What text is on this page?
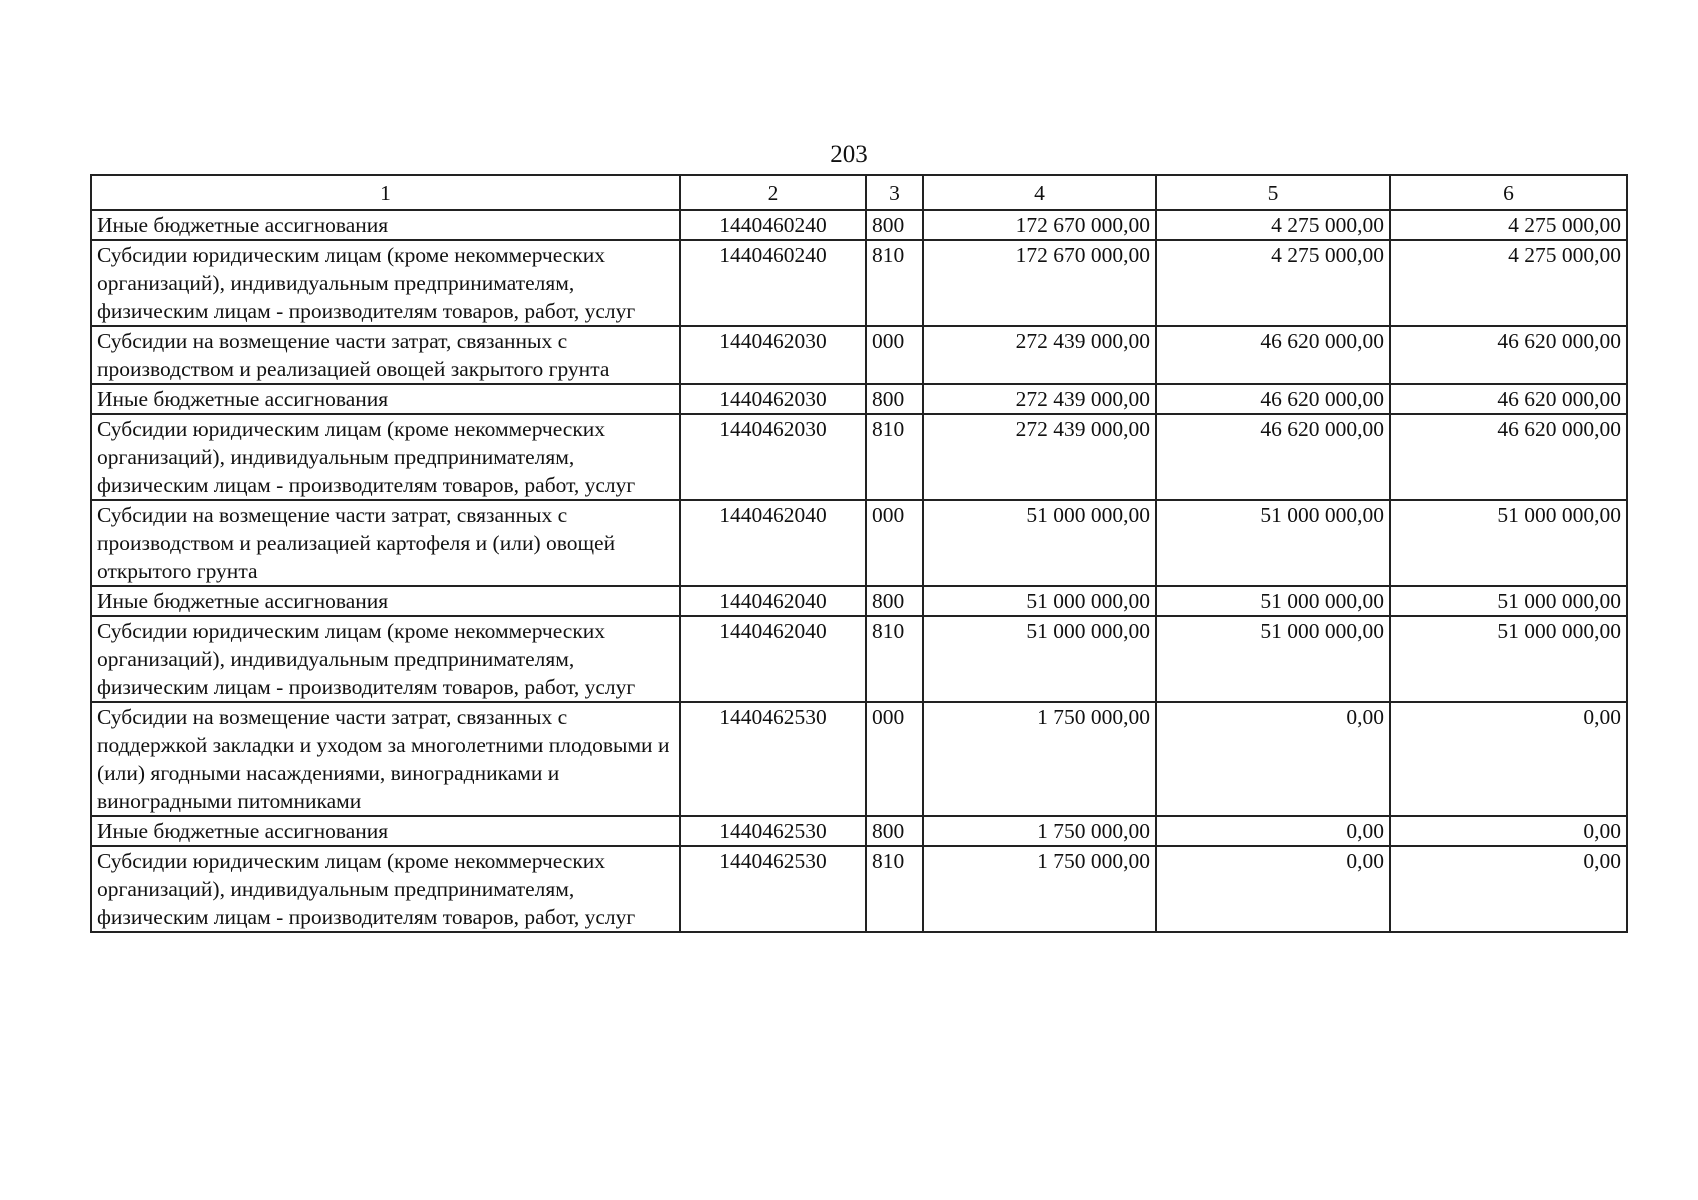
203
1	2	3	4	5	6
Иные бюджетные ассигнования	1440460240	800	172 670 000,00	4 275 000,00	4 275 000,00
Субсидии юридическим лицам (кроме некоммерческих организаций), индивидуальным предпринимателям, физическим лицам - производителям товаров, работ, услуг	1440460240	810	172 670 000,00	4 275 000,00	4 275 000,00
Субсидии на возмещение части затрат, связанных с производством и реализацией овощей закрытого грунта	1440462030	000	272 439 000,00	46 620 000,00	46 620 000,00
Иные бюджетные ассигнования	1440462030	800	272 439 000,00	46 620 000,00	46 620 000,00
Субсидии юридическим лицам (кроме некоммерческих организаций), индивидуальным предпринимателям, физическим лицам - производителям товаров, работ, услуг	1440462030	810	272 439 000,00	46 620 000,00	46 620 000,00
Субсидии на возмещение части затрат, связанных с производством и реализацией картофеля и (или) овощей открытого грунта	1440462040	000	51 000 000,00	51 000 000,00	51 000 000,00
Иные бюджетные ассигнования	1440462040	800	51 000 000,00	51 000 000,00	51 000 000,00
Субсидии юридическим лицам (кроме некоммерческих организаций), индивидуальным предпринимателям, физическим лицам - производителям товаров, работ, услуг	1440462040	810	51 000 000,00	51 000 000,00	51 000 000,00
Субсидии на возмещение части затрат, связанных с поддержкой закладки и уходом за многолетними плодовыми и (или) ягодными насаждениями, виноградниками и виноградными питомниками	1440462530	000	1 750 000,00	0,00	0,00
Иные бюджетные ассигнования	1440462530	800	1 750 000,00	0,00	0,00
Субсидии юридическим лицам (кроме некоммерческих организаций), индивидуальным предпринимателям, физическим лицам - производителям товаров, работ, услуг	1440462530	810	1 750 000,00	0,00	0,00
